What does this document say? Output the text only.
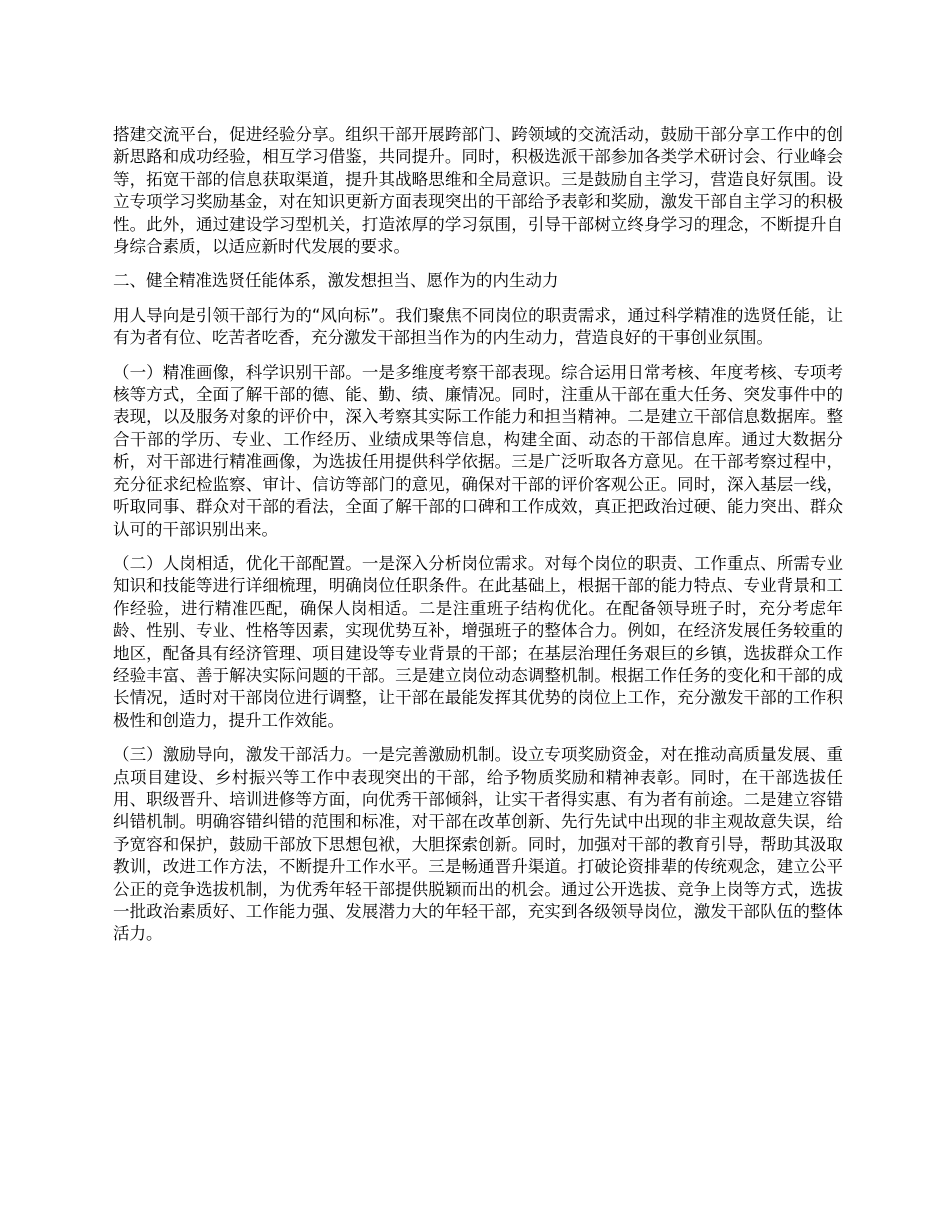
搭建交流平台，促进经验分享。组织干部开展跨部门、跨领域的交流活动，鼓励干部分享工作中的创新思路和成功经验，相互学习借鉴，共同提升。同时，积极选派干部参加各类学术研讨会、行业峰会等，拓宽干部的信息获取渠道，提升其战略思维和全局意识。三是鼓励自主学习，营造良好氛围。设立专项学习奖励基金，对在知识更新方面表现突出的干部给予表彰和奖励，激发干部自主学习的积极性。此外，通过建设学习型机关，打造浓厚的学习氛围，引导干部树立终身学习的理念，不断提升自身综合素质，以适应新时代发展的要求。

二、健全精准选贤任能体系，激发想担当、愿作为的内生动力

用人导向是引领干部行为的“风向标”。我们聚焦不同岗位的职责需求，通过科学精准的选贤任能，让有为者有位、吃苦者吃香，充分激发干部担当作为的内生动力，营造良好的干事创业氛围。

（一）精准画像，科学识别干部。一是多维度考察干部表现。综合运用日常考核、年度考核、专项考核等方式，全面了解干部的德、能、勤、绩、廉情况。同时，注重从干部在重大任务、突发事件中的表现，以及服务对象的评价中，深入考察其实际工作能力和担当精神。二是建立干部信息数据库。整合干部的学历、专业、工作经历、业绩成果等信息，构建全面、动态的干部信息库。通过大数据分析，对干部进行精准画像，为选拔任用提供科学依据。三是广泛听取各方意见。在干部考察过程中，充分征求纪检监察、审计、信访等部门的意见，确保对干部的评价客观公正。同时，深入基层一线，听取同事、群众对干部的看法，全面了解干部的口碑和工作成效，真正把政治过硬、能力突出、群众认可的干部识别出来。

（二）人岗相适，优化干部配置。一是深入分析岗位需求。对每个岗位的职责、工作重点、所需专业知识和技能等进行详细梳理，明确岗位任职条件。在此基础上，根据干部的能力特点、专业背景和工作经验，进行精准匹配，确保人岗相适。二是注重班子结构优化。在配备领导班子时，充分考虑年龄、性别、专业、性格等因素，实现优势互补，增强班子的整体合力。例如，在经济发展任务较重的地区，配备具有经济管理、项目建设等专业背景的干部；在基层治理任务艰巨的乡镇，选拔群众工作经验丰富、善于解决实际问题的干部。三是建立岗位动态调整机制。根据工作任务的变化和干部的成长情况，适时对干部岗位进行调整，让干部在最能发挥其优势的岗位上工作，充分激发干部的工作积极性和创造力，提升工作效能。

（三）激励导向，激发干部活力。一是完善激励机制。设立专项奖励资金，对在推动高质量发展、重点项目建设、乡村振兴等工作中表现突出的干部，给予物质奖励和精神表彰。同时，在干部选拔任用、职级晋升、培训进修等方面，向优秀干部倾斜，让实干者得实惠、有为者有前途。二是建立容错纠错机制。明确容错纠错的范围和标准，对干部在改革创新、先行先试中出现的非主观故意失误，给予宽容和保护，鼓励干部放下思想包袱，大胆探索创新。同时，加强对干部的教育引导，帮助其汲取教训，改进工作方法，不断提升工作水平。三是畅通晋升渠道。打破论资排辈的传统观念，建立公平公正的竞争选拔机制，为优秀年轻干部提供脱颖而出的机会。通过公开选拔、竞争上岗等方式，选拔一批政治素质好、工作能力强、发展潜力大的年轻干部，充实到各级领导岗位，激发干部队伍的整体活力。
